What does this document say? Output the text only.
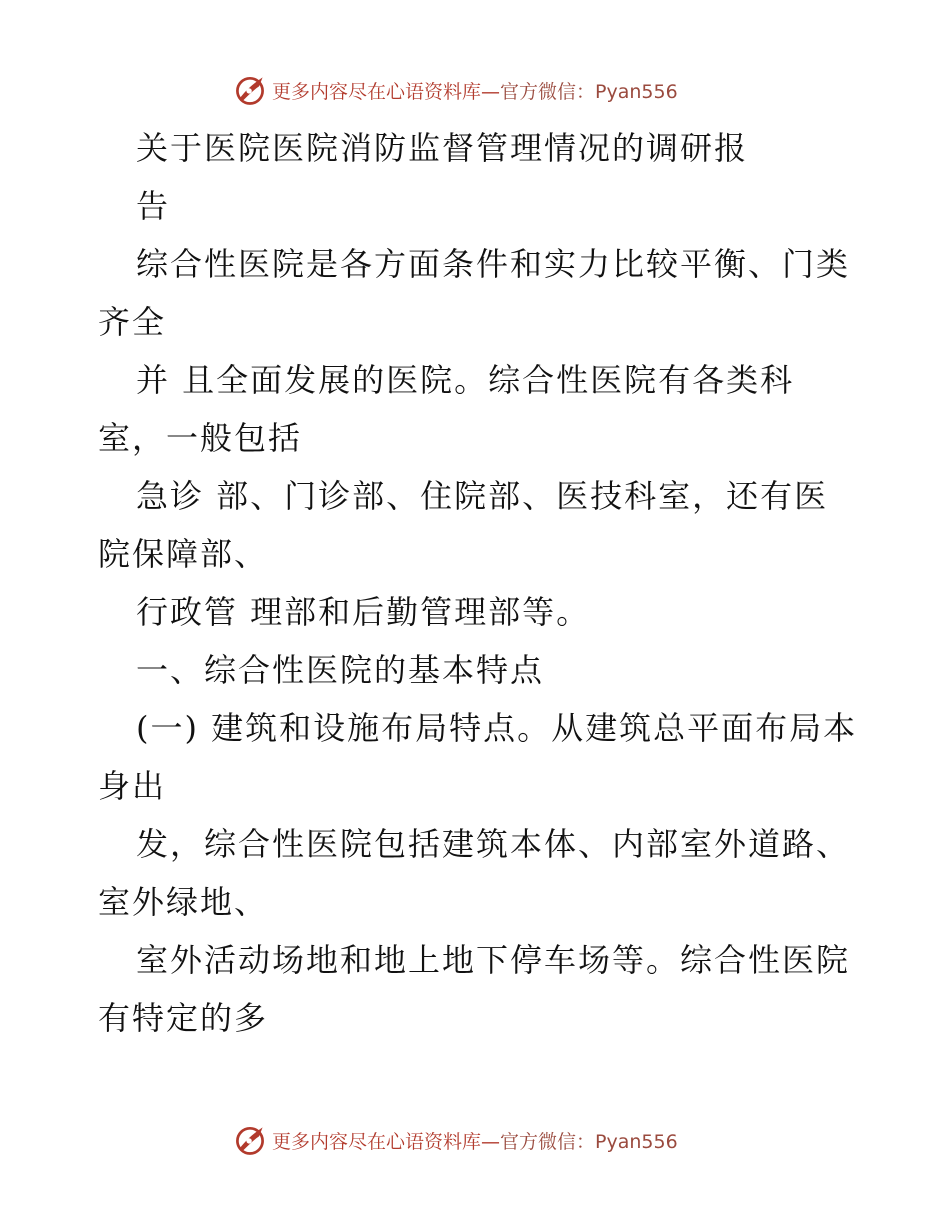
更多内容尽在心语资料库—官方微信：Pyan556

关于医院医院消防监督管理情况的调研报

告

综合性医院是各方面条件和实力比较平衡、门类

齐全

并 且全面发展的医院。综合性医院有各类科

室，一般包括

急诊 部、门诊部、住院部、医技科室，还有医

院保障部、

行政管 理部和后勤管理部等。

一、综合性医院的基本特点

(一) 建筑和设施布局特点。从建筑总平面布局本

身出

发，综合性医院包括建筑本体、内部室外道路、

室外绿地、

室外活动场地和地上地下停车场等。综合性医院

有特定的多

更多内容尽在心语资料库—官方微信：Pyan556
